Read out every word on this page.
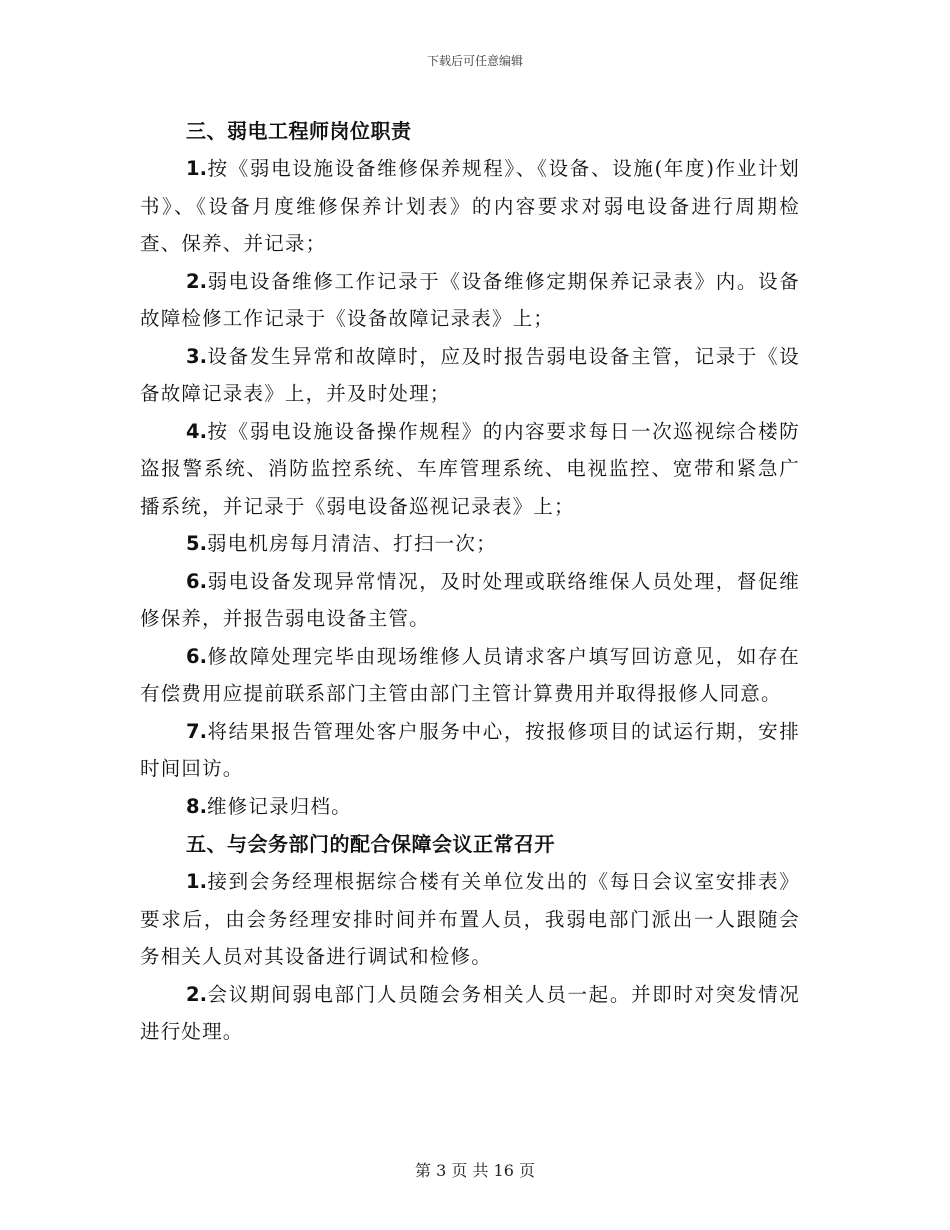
下载后可任意编辑

三、弱电工程师岗位职责

1.按《弱电设施设备维修保养规程》、《设备、设施(年度)作业计划书》、《设备月度维修保养计划表》的内容要求对弱电设备进行周期检查、保养、并记录；

2.弱电设备维修工作记录于《设备维修定期保养记录表》内。设备故障检修工作记录于《设备故障记录表》上；

3.设备发生异常和故障时，应及时报告弱电设备主管，记录于《设备故障记录表》上，并及时处理；

4.按《弱电设施设备操作规程》的内容要求每日一次巡视综合楼防盗报警系统、消防监控系统、车库管理系统、电视监控、宽带和紧急广播系统，并记录于《弱电设备巡视记录表》上；

5.弱电机房每月清洁、打扫一次；

6.弱电设备发现异常情况，及时处理或联络维保人员处理，督促维修保养，并报告弱电设备主管。

6.修故障处理完毕由现场维修人员请求客户填写回访意见，如存在有偿费用应提前联系部门主管由部门主管计算费用并取得报修人同意。

7.将结果报告管理处客户服务中心，按报修项目的试运行期，安排时间回访。

8.维修记录归档。

五、与会务部门的配合保障会议正常召开

1.接到会务经理根据综合楼有关单位发出的《每日会议室安排表》要求后，由会务经理安排时间并布置人员，我弱电部门派出一人跟随会务相关人员对其设备进行调试和检修。

2.会议期间弱电部门人员随会务相关人员一起。并即时对突发情况进行处理。

第 3 页 共 16 页
